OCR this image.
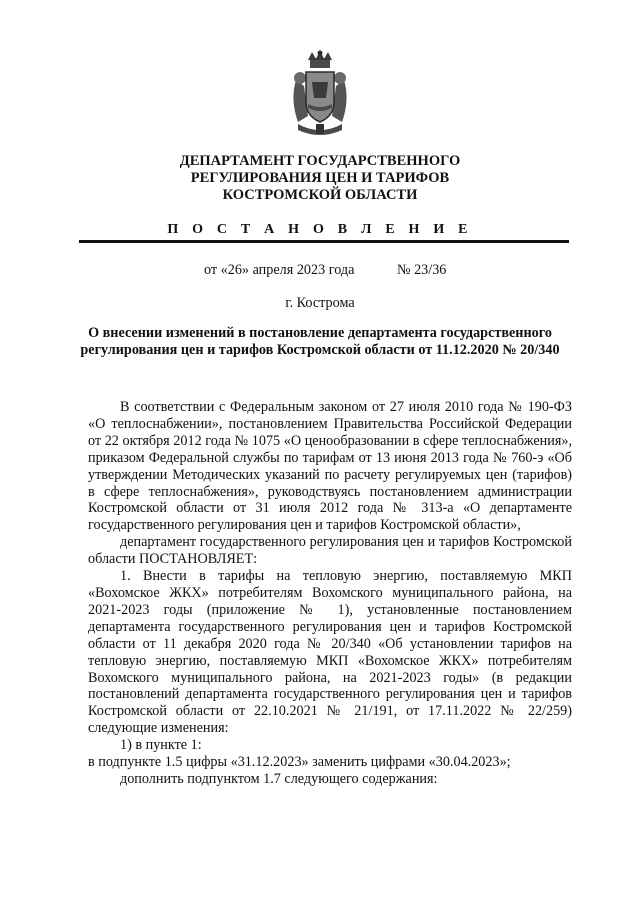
ДЕПАРТАМЕНТ ГОСУДАРСТВЕННОГО
РЕГУЛИРОВАНИЯ ЦЕН И ТАРИФОВ
КОСТРОМСКОЙ ОБЛАСТИ
П О С Т А Н О В Л Е Н И Е
от «26» апреля 2023 года	№ 23/36
г. Кострома
О внесении изменений в постановление департамента государственного регулирования цен и тарифов Костромской области от 11.12.2020 № 20/340

В соответствии с Федеральным законом от 27 июля 2010 года № 190-ФЗ «О теплоснабжении», постановлением Правительства Российской Федерации от 22 октября 2012 года № 1075 «О ценообразовании в сфере теплоснабжения», приказом Федеральной службы по тарифам от 13 июня 2013 года № 760-э «Об утверждении Методических указаний по расчету регулируемых цен (тарифов) в сфере теплоснабжения», руководствуясь постановлением администрации Костромской области от 31 июля 2012 года № 313-а «О департаменте государственного регулирования цен и тарифов Костромской области»,

департамент государственного регулирования цен и тарифов Костромской области ПОСТАНОВЛЯЕТ:

1. Внести в тарифы на тепловую энергию, поставляемую МКП «Вохомское ЖКХ» потребителям Вохомского муниципального района, на 2021-2023 годы (приложение № 1), установленные постановлением департамента государственного регулирования цен и тарифов Костромской области от 11 декабря 2020 года № 20/340 «Об установлении тарифов на тепловую энергию, поставляемую МКП «Вохомское ЖКХ» потребителям Вохомского муниципального района, на 2021-2023 годы» (в редакции постановлений департамента государственного регулирования цен и тарифов Костромской области от 22.10.2021 № 21/191, от 17.11.2022 № 22/259) следующие изменения:

1) в пункте 1:

в подпункте 1.5 цифры «31.12.2023» заменить цифрами «30.04.2023»;

дополнить подпунктом 1.7 следующего содержания:
